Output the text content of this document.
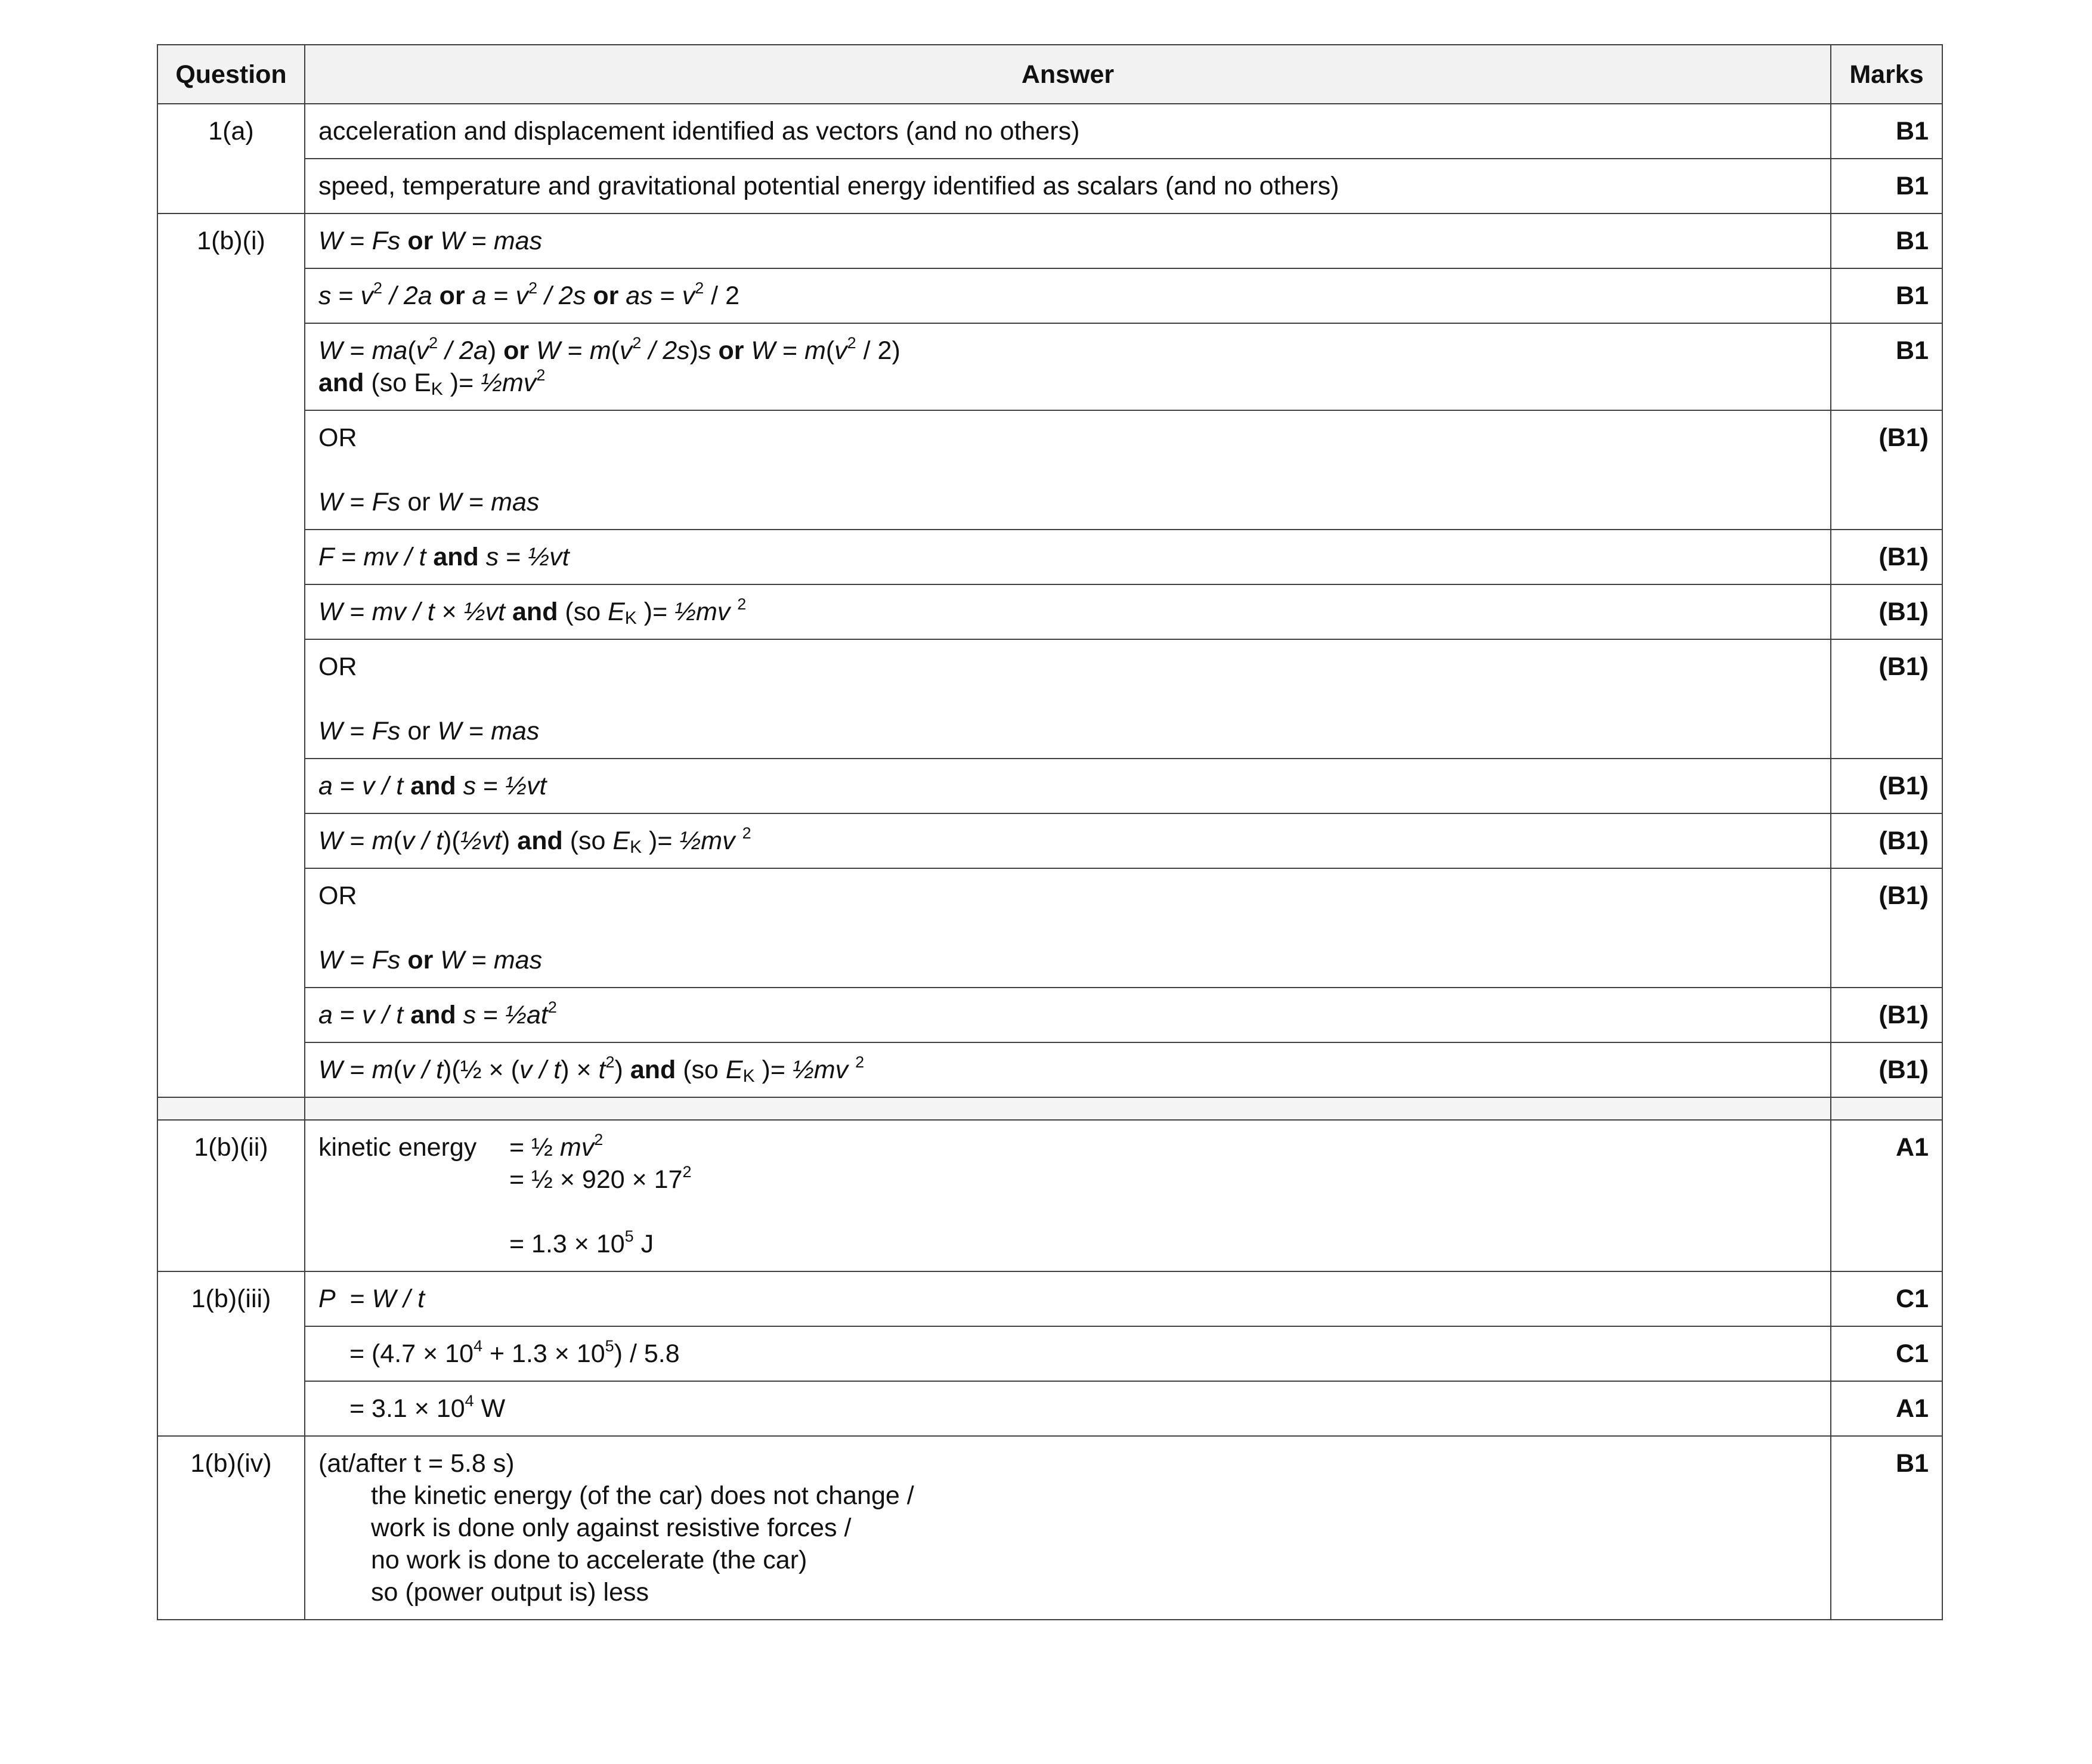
Question	Answer	Marks
1(a)	acceleration and displacement identified as vectors (and no others)	B1
	speed, temperature and gravitational potential energy identified as scalars (and no others)	B1
1(b)(i)	W = Fs or W = mas	B1
	$s = v^2 / 2a$ or $a = v^2 / 2s$ or as = $v^2 / 2$	B1

	$W = ma(v^2 / 2a)$ or $W = m(v^2 / 2s)s$ or $W = m(v^2 / 2)$
and (so $E_K$ )= $\frac{1}{2}mv^2$	B1

	OR
W = Fs or W = mas	(B1)
	F = mv / t and s = ½vt	(B1)
	W = mv / t × ½vt and (so $E_K$ )= ½mv $^2$	(B1)

	OR
W = Fs or W = mas	(B1)
	a = v / t and s = ½vt	(B1)
	W = m(v / t)(½vt) and (so $E_K$ )= ½mv $^2$	(B1)

	OR
W = Fs or W = mas	(B1)
	a = v / t and $s = \frac{1}{2}at^2$	(B1)
	W = m(v / t)(½ × $(v / t) \times t^2$) and (so $E_K$ )= ½mv $^2$	(B1)

1(b)(ii)	kinetic energy = ½ $mv^2$
= ½ × $920 \times 17^2$
= $1.3 \times 10^5$ J	A1
1(b)(iii)	P  = W / t	C1
	= $(4.7 \times 10^4 + 1.3 \times 10^5) / 5.8$	C1
	= $3.1 \times 10^4$ W	A1
1(b)(iv)	(at/after t = 5.8 s)
the kinetic energy (of the car) does not change /
work is done only against resistive forces /
no work is done to accelerate (the car)
so (power output is) less	B1
